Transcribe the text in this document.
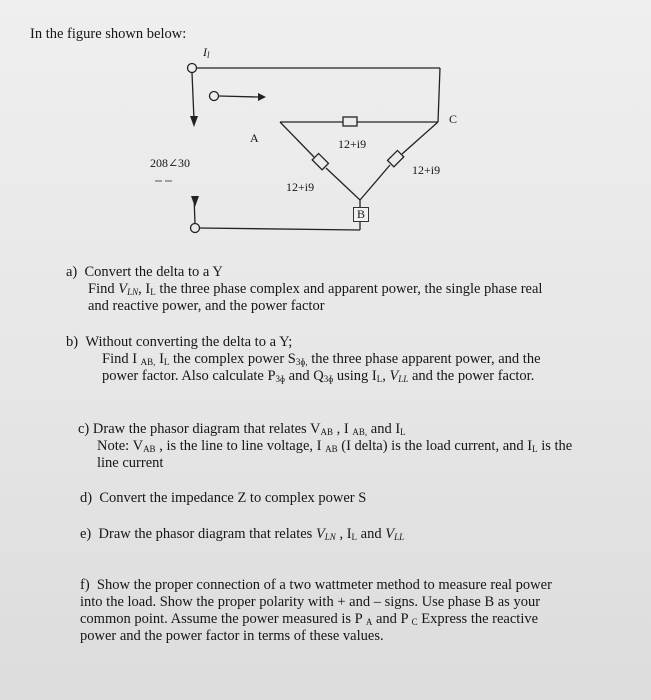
In the figure shown below:
$I_l$
208∠30
A
B
C
12+i9
12+i9
12+i9
a) Convert the delta to a Y
Find $V_{LN}$, $I_L$ the three phase complex and apparent power, the single phase real
and reactive power, and the power factor
b) Without converting the delta to a Y;
Find I $_{AB,}$ $I_L$ the complex power $S_{3ɸ,}$ the three phase apparent power, and the
power factor. Also calculate $P_{3ɸ}$ and $Q_{3ɸ}$ using $I_L$, $V_{LL}$ and the power factor.
c) Draw the phasor diagram that relates $V_{AB}$ , I $_{AB,}$ and $I_L$
Note: $V_{AB}$ , is the line to line voltage, I $_{AB}$ (I delta) is the load current, and $I_L$ is the
line current
d) Convert the impedance Z to complex power S
e) Draw the phasor diagram that relates $V_{LN}$ , $I_L$ and $V_{LL}$
f) Show the proper connection of a two wattmeter method to measure real power
into the load. Show the proper polarity with + and – signs. Use phase B as your
common point. Assume the power measured is P $_A$ and P $_C$ Express the reactive
power and the power factor in terms of these values.
